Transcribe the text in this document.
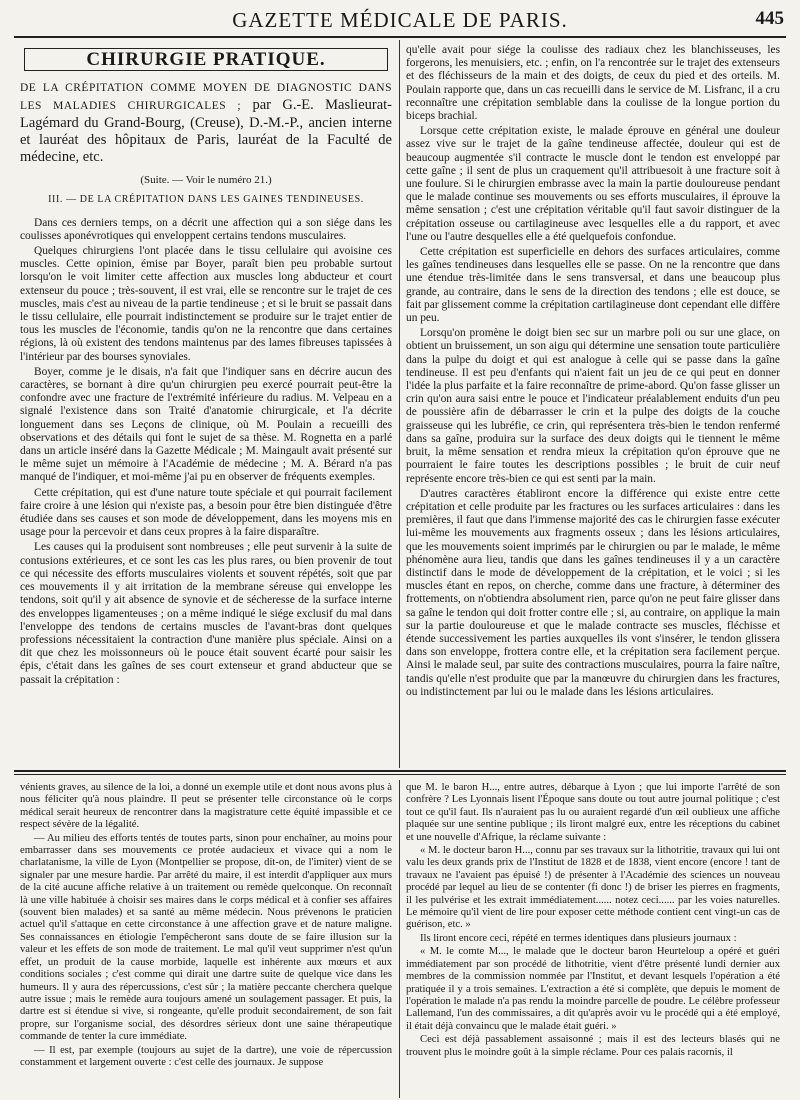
GAZETTE MÉDICALE DE PARIS.	445
CHIRURGIE PRATIQUE.

DE LA CRÉPITATION COMME MOYEN DE DIAGNOSTIC DANS LES MALADIES CHIRURGICALES ; par G.-E. Maslieurat-Lagémard du Grand-Bourg, (Creuse), D.-M.-P., ancien interne et lauréat des hôpitaux de Paris, lauréat de la Faculté de médecine, etc.

(Suite. — Voir le numéro 21.)

III. — DE LA CRÉPITATION DANS LES GAINES TENDINEUSES.

Dans ces derniers temps, on a décrit une affection qui a son siége dans les coulisses aponévrotiques qui enveloppent certains tendons musculaires.

Quelques chirurgiens l'ont placée dans le tissu cellulaire qui avoisine ces muscles. Cette opinion, émise par Boyer, paraît bien peu probable surtout lorsqu'on le voit limiter cette affection aux muscles long abducteur et court extenseur du pouce ; très-souvent, il est vrai, elle se rencontre sur le trajet de ces muscles, mais c'est au niveau de la partie tendineuse ; et si le bruit se passait dans le tissu cellulaire, elle pourrait indistinctement se produire sur le trajet entier de tous les muscles de l'économie, tandis qu'on ne la rencontre que dans certaines régions, là où existent des tendons maintenus par des lames fibreuses tapissées à l'intérieur par des bourses synoviales.

Boyer, comme je le disais, n'a fait que l'indiquer sans en décrire aucun des caractères, se bornant à dire qu'un chirurgien peu exercé pourrait peut-être la confondre avec une fracture de l'extrémité inférieure du radius. M. Velpeau en a signalé l'existence dans son Traité d'anatomie chirurgicale, et l'a décrite longuement dans ses Leçons de clinique, où M. Poulain a recueilli des observations et des détails qui font le sujet de sa thèse. M. Rognetta en a parlé dans un article inséré dans la Gazette Médicale ; M. Maingault avait présenté sur le même sujet un mémoire à l'Académie de médecine ; M. A. Bérard n'a pas manqué de l'indiquer, et moi-même j'ai pu en observer de fréquents exemples.

Cette crépitation, qui est d'une nature toute spéciale et qui pourrait facilement faire croire à une lésion qui n'existe pas, a besoin pour être bien distinguée d'être étudiée dans ses causes et son mode de développement, dans les moyens mis en usage pour la percevoir et dans ceux propres à la faire disparaître.

Les causes qui la produisent sont nombreuses ; elle peut survenir à la suite de contusions extérieures, et ce sont les cas les plus rares, ou bien provenir de tout ce qui nécessite des efforts musculaires violents et souvent répétés, soit que par ces mouvements il y ait irritation de la membrane séreuse qui enveloppe les tendons, soit qu'il y ait absence de synovie et de sécheresse de la surface interne des enveloppes ligamenteuses ; on a même indiqué le siége exclusif du mal dans l'enveloppe des tendons de certains muscles de l'avant-bras dont quelques professions nécessitaient la contraction d'une manière plus spéciale. Ainsi on a dit que chez les moissonneurs où le pouce était souvent écarté pour saisir les épis, c'était dans les gaînes de ses court extenseur et grand abducteur que se passait la crépitation :

qu'elle avait pour siége la coulisse des radiaux chez les blanchisseuses, les forgerons, les menuisiers, etc. ; enfin, on l'a rencontrée sur le trajet des extenseurs et des fléchisseurs de la main et des doigts, de ceux du pied et des orteils. M. Poulain rapporte que, dans un cas recueilli dans le service de M. Lisfranc, il a cru reconnaître une crépitation semblable dans la coulisse de la longue portion du biceps brachial.

Lorsque cette crépitation existe, le malade éprouve en général une douleur assez vive sur le trajet de la gaîne tendineuse affectée, douleur qui est de beaucoup augmentée s'il contracte le muscle dont le tendon est enveloppé par cette gaîne ; il sent de plus un craquement qu'il attribuesoit à une fracture soit à une foulure. Si le chirurgien embrasse avec la main la partie douloureuse pendant que le malade continue ses mouvements ou ses efforts musculaires, il éprouve la même sensation ; c'est une crépitation véritable qu'il faut savoir distinguer de la crépitation osseuse ou cartilagineuse avec lesquelles elle a du rapport, et avec l'une ou l'autre desquelles elle a été quelquefois confondue.

Cette crépitation est superficielle en dehors des surfaces articulaires, comme les gaînes tendineuses dans lesquelles elle se passe. On ne la rencontre que dans une étendue très-limitée dans le sens transversal, et dans une beaucoup plus grande, au contraire, dans le sens de la direction des tendons ; elle est douce, se fait par glissement comme la crépitation cartilagineuse dont cependant elle diffère un peu.

Lorsqu'on promène le doigt bien sec sur un marbre poli ou sur une glace, on obtient un bruissement, un son aigu qui détermine une sensation toute particulière dans la pulpe du doigt et qui est analogue à celle qui se passe dans la gaîne tendineuse. Il est peu d'enfants qui n'aient fait un jeu de ce qui peut en donner l'idée la plus parfaite et la faire reconnaître de prime-abord. Qu'on fasse glisser un crin qu'on aura saisi entre le pouce et l'indicateur préalablement enduits d'un peu de poussière afin de débarrasser le crin et la pulpe des doigts de la couche graisseuse qui les lubréfie, ce crin, qui représentera très-bien le tendon renfermé dans sa gaîne, produira sur la surface des deux doigts qui le tiennent le même bruit, la même sensation et rendra mieux la crépitation qu'on éprouve que ne pourraient le faire toutes les descriptions possibles ; le bruit de cuir neuf représente encore très-bien ce qui est senti par la main.

D'autres caractères établiront encore la différence qui existe entre cette crépitation et celle produite par les fractures ou les surfaces articulaires : dans les premières, il faut que dans l'immense majorité des cas le chirurgien fasse exécuter lui-même les mouvements aux fragments osseux ; dans les lésions articulaires, que les mouvements soient imprimés par le chirurgien ou par le malade, le même phénomène aura lieu, tandis que dans les gaînes tendineuses il y a un caractère distinctif dans le mode de développement de la crépitation, et le voici ; si les muscles étant en repos, on cherche, comme dans une fracture, à déterminer des frottements, on n'obtiendra absolument rien, parce qu'on ne peut faire glisser dans sa gaîne le tendon qui doit frotter contre elle ; si, au contraire, on applique la main sur la partie douloureuse et que le malade contracte ses muscles, fléchisse et étende successivement les parties auxquelles ils vont s'insérer, le tendon glissera dans son enveloppe, frottera contre elle, et la crépitation sera facilement perçue. Ainsi le malade seul, par suite des contractions musculaires, pourra la faire naître, tandis qu'elle n'est produite que par la manœuvre du chirurgien dans les fractures, ou indistinctement par lui ou le malade dans les lésions articulaires.

vénients graves, au silence de la loi, a donné un exemple utile et dont nous avons plus à nous féliciter qu'à nous plaindre. Il peut se présenter telle circonstance où le corps médical serait heureux de rencontrer dans la magistrature cette équité impassible et ce respect sévère de la légalité.

— Au milieu des efforts tentés de toutes parts, sinon pour enchaîner, au moins pour embarrasser dans ses mouvements ce protée audacieux et vivace qui a nom le charlatanisme, la ville de Lyon (Montpellier se propose, dit-on, de l'imiter) vient de se signaler par une mesure hardie. Par arrêté du maire, il est interdit d'appliquer aux murs de la cité aucune affiche relative à un traitement ou remède quelconque. On reconnaît là une ville habituée à choisir ses maires dans le corps médical et à confier ses affaires (souvent bien malades) et sa santé au même médecin. Nous prévenons le praticien actuel qu'il s'attaque en cette circonstance à une affection grave et de nature maligne. Ses connaissances en étiologie l'empêcheront sans doute de se faire illusion sur la valeur et les effets de son mode de traitement. Le mal qu'il veut supprimer n'est qu'un effet, un produit de la cause morbide, laquelle est inhérente aux mœurs et aux conditions sociales ; c'est comme qui dirait une dartre suite de quelque vice dans les humeurs. Il y aura des répercussions, c'est sûr ; la matière peccante cherchera quelque autre issue ; mais le remède aura toujours amené un soulagement passager. Et puis, la dartre est si étendue si vive, si rongeante, qu'elle produit secondairement, de son fait propre, sur l'organisme social, des désordres sérieux dont une saine thérapeutique commande de tenter la cure immédiate.

— Il est, par exemple (toujours au sujet de la dartre), une voie de répercussion constamment et largement ouverte : c'est celle des journaux. Je suppose

que M. le baron H..., entre autres, débarque à Lyon ; que lui importe l'arrêté de son confrère ? Les Lyonnais lisent l'Époque sans doute ou tout autre journal politique ; c'est tout ce qu'il faut. Ils n'auraient pas lu ou auraient regardé d'un œil oublieux une affiche plaquée sur une sentine publique ; ils liront malgré eux, entre les réceptions du cabinet et une nouvelle d'Afrique, la réclame suivante :

« M. le docteur baron H..., connu par ses travaux sur la lithotritie, travaux qui lui ont valu les deux grands prix de l'Institut de 1828 et de 1838, vient encore (encore ! tant de travaux ne l'avaient pas épuisé !) de présenter à l'Académie des sciences un nouveau procédé par lequel au lieu de se contenter (fi donc !) de briser les pierres en fragments, il les pulvérise et les extrait immédiatement...... notez ceci...... par les voies naturelles. Le mémoire qu'il vient de lire pour exposer cette méthode contient cent vingt-un cas de guérison, etc. »

Ils liront encore ceci, répété en termes identiques dans plusieurs journaux :

« M. le comte M..., le malade que le docteur baron Heurteloup a opéré et guéri immédiatement par son procédé de lithotritie, vient d'être présenté lundi dernier aux membres de la commission nommée par l'Institut, et devant lesquels l'opération a été pratiquée il y a trois semaines. L'extraction a été si complète, que depuis le moment de l'opération le malade n'a pas rendu la moindre parcelle de poudre. Le célèbre professeur Lallemand, l'un des commissaires, a dit qu'après avoir vu le procédé qui a été employé, il était déjà convaincu que le malade était guéri. »

Ceci est déjà passablement assaisonné ; mais il est des lecteurs blasés qui ne trouvent plus le moindre goût à la simple réclame. Pour ces palais racornis, il
